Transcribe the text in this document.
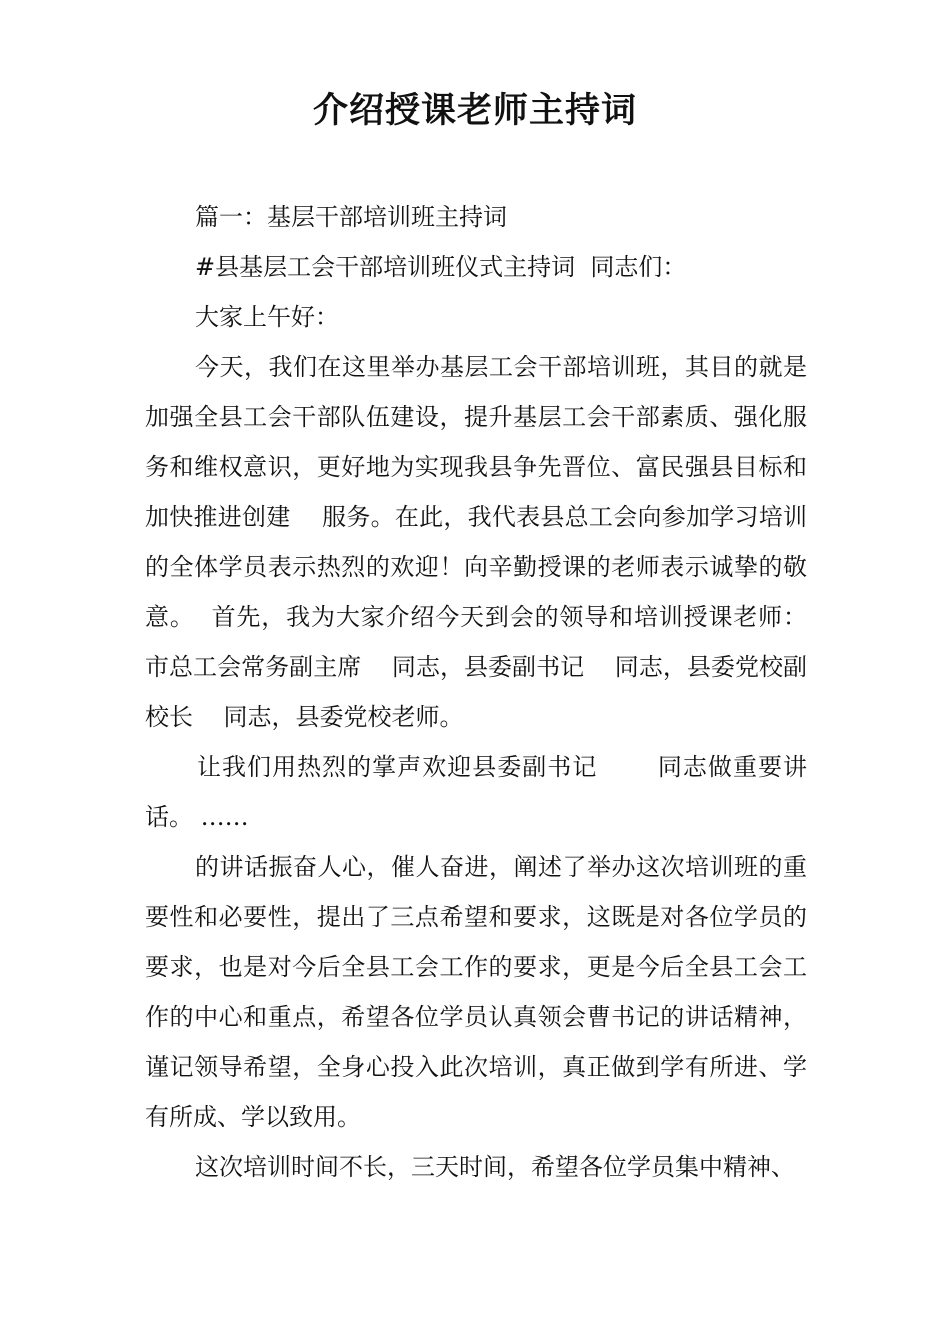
介绍授课老师主持词

篇一：基层干部培训班主持词

#县基层工会干部培训班仪式主持词  同志们：

大家上午好：

今天，我们在这里举办基层工会干部培训班，其目的就是加强全县工会干部队伍建设，提升基层工会干部素质、强化服务和维权意识，更好地为实现我县争先晋位、富民强县目标和加快推进创建    服务。在此，我代表县总工会向参加学习培训的全体学员表示热烈的欢迎！向辛勤授课的老师表示诚挚的敬意。  首先，我为大家介绍今天到会的领导和培训授课老师：市总工会常务副主席    同志，县委副书记    同志，县委党校副校长    同志，县委党校老师。

让我们用热烈的掌声欢迎县委副书记       同志做重要讲话。 ……

的讲话振奋人心，催人奋进，阐述了举办这次培训班的重要性和必要性，提出了三点希望和要求，这既是对各位学员的要求，也是对今后全县工会工作的要求，更是今后全县工会工作的中心和重点，希望各位学员认真领会曹书记的讲话精神，谨记领导希望，全身心投入此次培训，真正做到学有所进、学有所成、学以致用。

这次培训时间不长，三天时间，希望各位学员集中精神、
